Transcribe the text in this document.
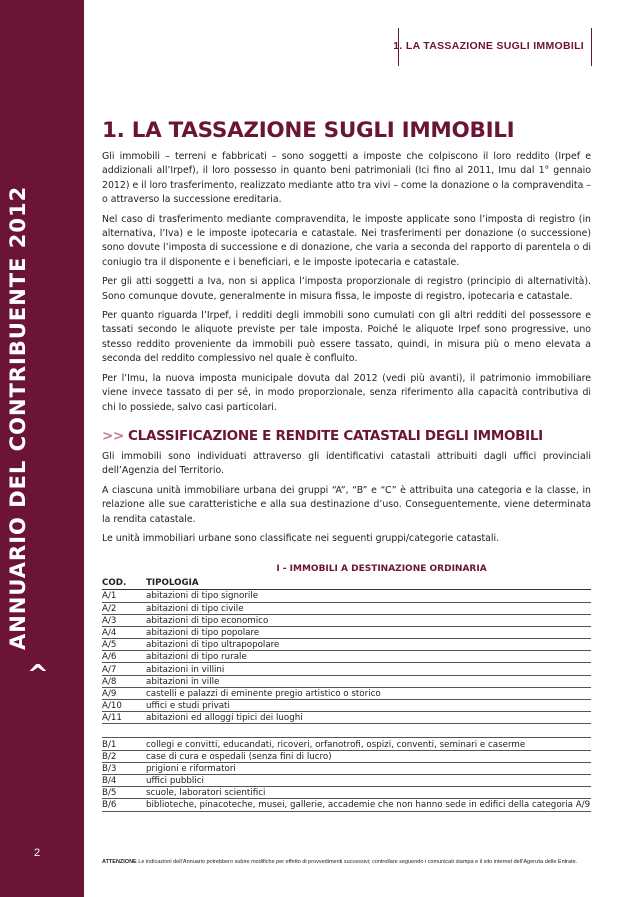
ANNUARIO DEL CONTRIBUENTE 2012
^
2
1. LA TASSAZIONE SUGLI IMMOBILI
1. LA TASSAZIONE SUGLI IMMOBILI

Gli immobili – terreni e fabbricati – sono soggetti a imposte che colpiscono il loro reddito (Irpef e addizionali all’Irpef), il loro possesso in quanto beni patrimoniali (Ici fino al 2011, Imu dal 1° gennaio 2012) e il loro trasferimento, realizzato mediante atto tra vivi – come la donazione o la compravendita – o attraverso la successione ereditaria.

Nel caso di trasferimento mediante compravendita, le imposte applicate sono l’imposta di registro (in alternativa, l’Iva) e le imposte ipotecaria e catastale. Nei trasferimenti per donazione (o successione) sono dovute l’imposta di successione e di donazione, che varia a seconda del rapporto di parentela o di coniugio tra il disponente e i beneficiari, e le imposte ipotecaria e catastale.

Per gli atti soggetti a Iva, non si applica l’imposta proporzionale di registro (principio di alternatività). Sono comunque dovute, generalmente in misura fissa, le imposte di registro, ipotecaria e catastale.

Per quanto riguarda l’Irpef, i redditi degli immobili sono cumulati con gli altri redditi del possessore e tassati secondo le aliquote previste per tale imposta. Poiché le aliquote Irpef sono progressive, uno stesso reddito proveniente da immobili può essere tassato, quindi, in misura più o meno elevata a seconda del reddito complessivo nel quale è confluito.

Per l’Imu, la nuova imposta municipale dovuta dal 2012 (vedi più avanti), il patrimonio immobiliare viene invece tassato di per sé, in modo proporzionale, senza riferimento alla capacità contributiva di chi lo possiede, salvo casi particolari.

>> CLASSIFICAZIONE E RENDITE CATASTALI DEGLI IMMOBILI

Gli immobili sono individuati attraverso gli identificativi catastali attribuiti dagli uffici provinciali dell’Agenzia del Territorio.

A ciascuna unità immobiliare urbana dei gruppi “A”, “B” e “C” è attribuita una categoria e la classe, in relazione alle sue caratteristiche e alla sua destinazione d’uso. Conseguentemente, viene determinata la rendita catastale.

Le unità immobiliari urbane sono classificate nei seguenti gruppi/categorie catastali.

I - IMMOBILI A DESTINAZIONE ORDINARIA
COD.	TIPOLOGIA
A/1	abitazioni di tipo signorile
A/2	abitazioni di tipo civile
A/3	abitazioni di tipo economico
A/4	abitazioni di tipo popolare
A/5	abitazioni di tipo ultrapopolare
A/6	abitazioni di tipo rurale
A/7	abitazioni in villini
A/8	abitazioni in ville
A/9	castelli e palazzi di eminente pregio artistico o storico
A/10	uffici e studi privati
A/11	abitazioni ed alloggi tipici dei luoghi

B/1	collegi e convitti, educandati, ricoveri, orfanotrofi, ospizi, conventi, seminari e caserme
B/2	case di cura e ospedali (senza fini di lucro)
B/3	prigioni e riformatori
B/4	uffici pubblici
B/5	scuole, laboratori scientifici
B/6	biblioteche, pinacoteche, musei, gallerie, accademie che non hanno sede in edifici della categoria A/9
ATTENZIONE Le indicazioni dell’Annuario potrebbero subire modifiche per effetto di provvedimenti successivi; controllare seguendo i comunicati stampa e il sito internet dell’Agenzia delle Entrate.
